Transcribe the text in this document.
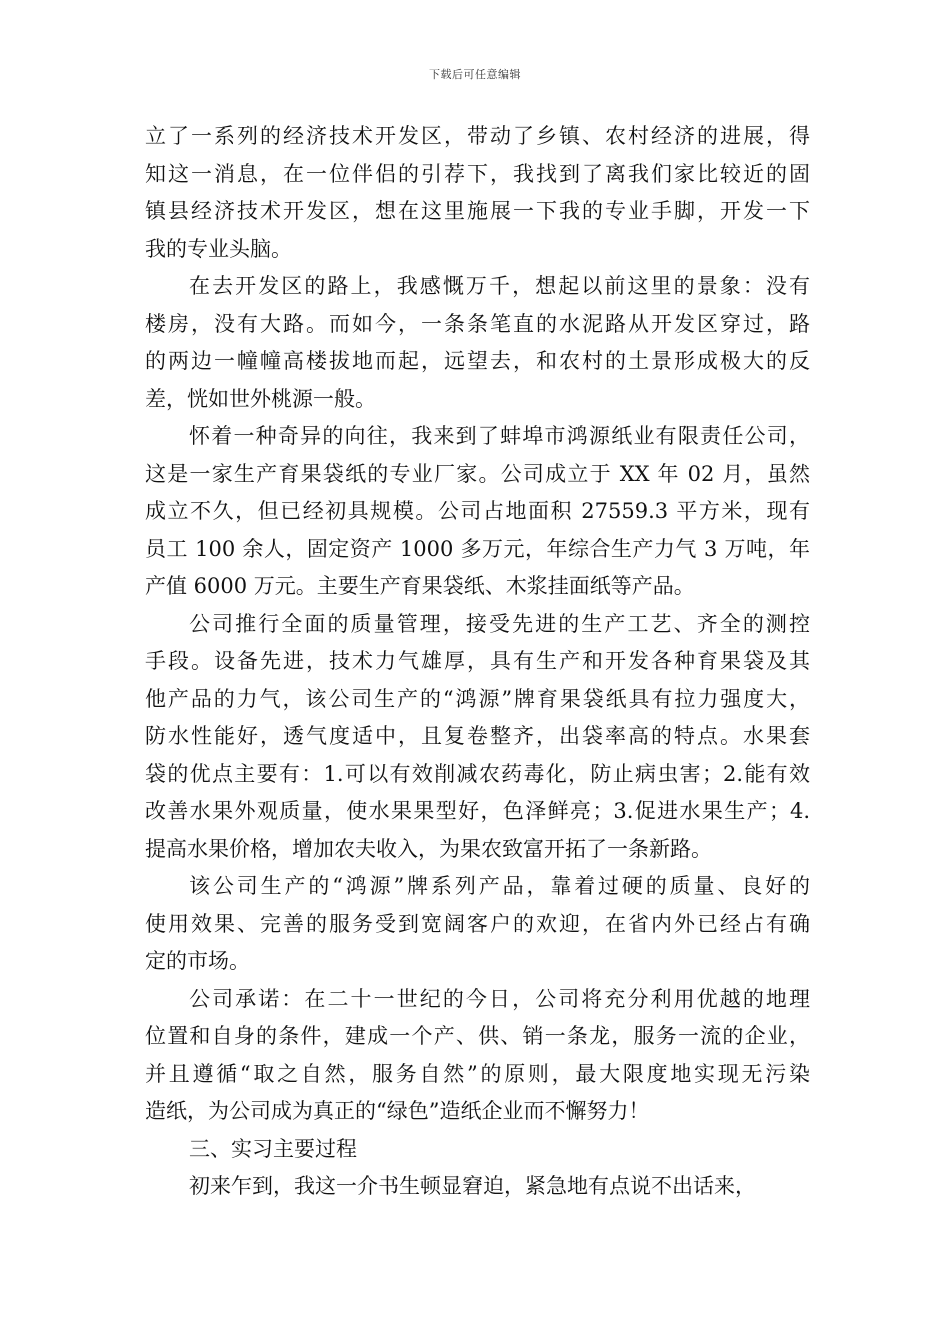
下载后可任意编辑
立了一系列的经济技术开发区，带动了乡镇、农村经济的进展，得
知这一消息，在一位伴侣的引荐下，我找到了离我们家比较近的固
镇县经济技术开发区，想在这里施展一下我的专业手脚，开发一下
我的专业头脑。
在去开发区的路上，我感慨万千，想起以前这里的景象：没有
楼房，没有大路。而如今，一条条笔直的水泥路从开发区穿过，路
的两边一幢幢高楼拔地而起，远望去，和农村的土景形成极大的反
差，恍如世外桃源一般。
怀着一种奇异的向往，我来到了蚌埠市鸿源纸业有限责任公司，
这是一家生产育果袋纸的专业厂家。公司成立于 XX 年 02 月，虽然
成立不久，但已经初具规模。公司占地面积 27559.3 平方米，现有
员工 100 余人，固定资产 1000 多万元，年综合生产力气 3 万吨，年
产值 6000 万元。主要生产育果袋纸、木浆挂面纸等产品。
公司推行全面的质量管理，接受先进的生产工艺、齐全的测控
手段。设备先进，技术力气雄厚，具有生产和开发各种育果袋及其
他产品的力气，该公司生产的“鸿源”牌育果袋纸具有拉力强度大，
防水性能好，透气度适中，且复卷整齐，出袋率高的特点。水果套
袋的优点主要有：1.可以有效削减农药毒化，防止病虫害；2.能有效
改善水果外观质量，使水果果型好，色泽鲜亮；3.促进水果生产；4.
提高水果价格，增加农夫收入，为果农致富开拓了一条新路。
该公司生产的“鸿源”牌系列产品，靠着过硬的质量、良好的
使用效果、完善的服务受到宽阔客户的欢迎，在省内外已经占有确
定的市场。
公司承诺：在二十一世纪的今日，公司将充分利用优越的地理
位置和自身的条件，建成一个产、供、销一条龙，服务一流的企业，
并且遵循“取之自然，服务自然”的原则，最大限度地实现无污染
造纸，为公司成为真正的“绿色”造纸企业而不懈努力！
三、实习主要过程
初来乍到，我这一介书生顿显窘迫，紧急地有点说不出话来，
